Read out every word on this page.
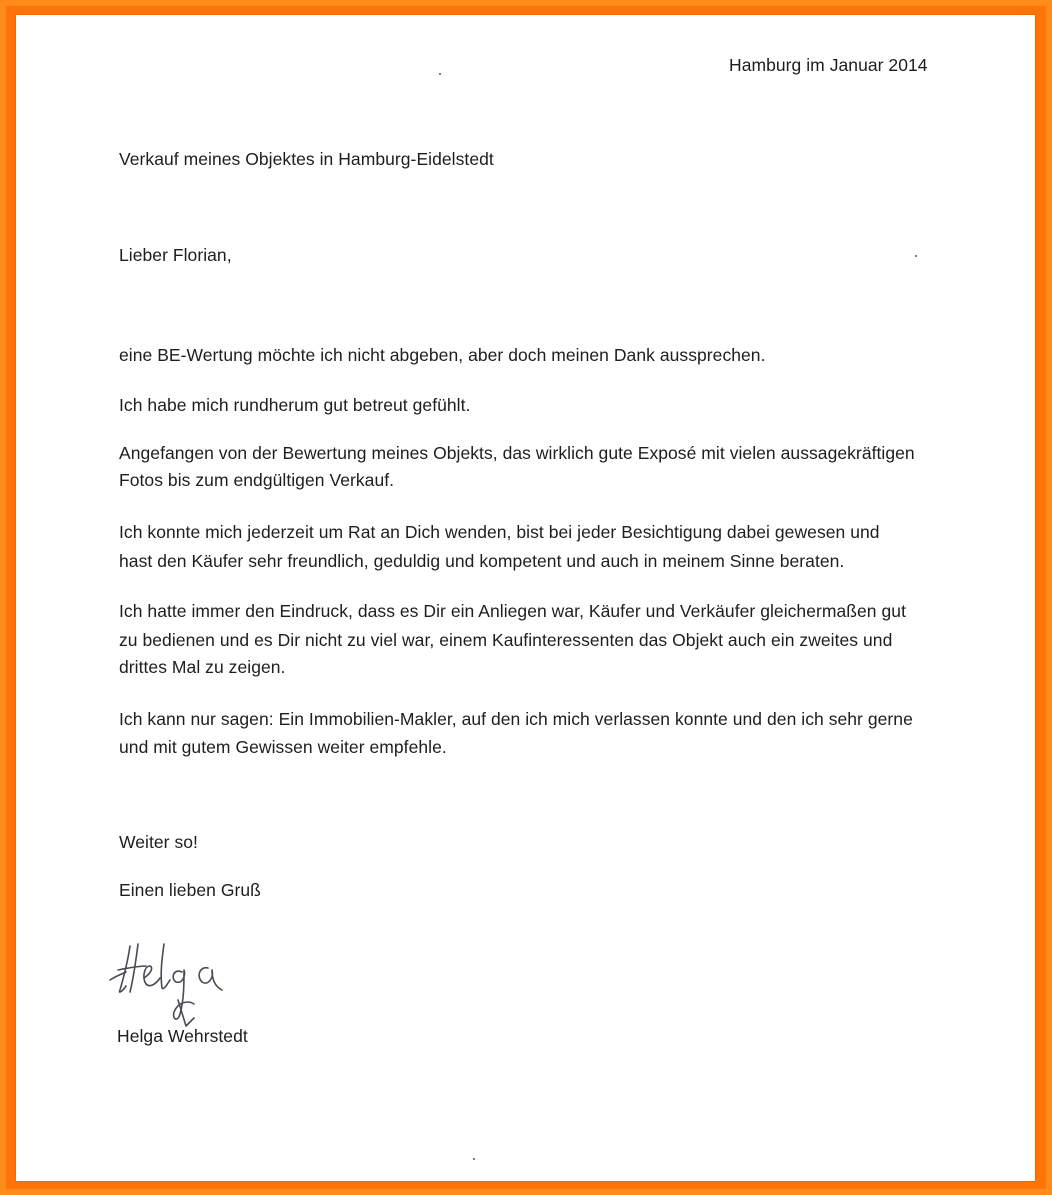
Hamburg im Januar 2014
Verkauf meines Objektes in Hamburg-Eidelstedt
Lieber Florian,
eine BE-Wertung möchte ich nicht abgeben, aber doch meinen Dank aussprechen.
Ich habe mich rundherum gut betreut gefühlt.
Angefangen von der Bewertung meines Objekts, das wirklich gute Exposé mit vielen aussagekräftigen
Fotos bis zum endgültigen Verkauf.
Ich konnte mich jederzeit um Rat an Dich wenden, bist bei jeder Besichtigung dabei gewesen und
hast den Käufer sehr freundlich, geduldig und kompetent und auch in meinem Sinne beraten.
Ich hatte immer den Eindruck, dass es Dir ein Anliegen war, Käufer und Verkäufer gleichermaßen gut
zu bedienen und es Dir nicht zu viel war, einem Kaufinteressenten das Objekt auch ein zweites und
drittes Mal zu zeigen.
Ich kann nur sagen: Ein Immobilien-Makler, auf den ich mich verlassen konnte und den ich sehr gerne
und mit gutem Gewissen weiter empfehle.
Weiter so!
Einen lieben Gruß
Helga Wehrstedt
